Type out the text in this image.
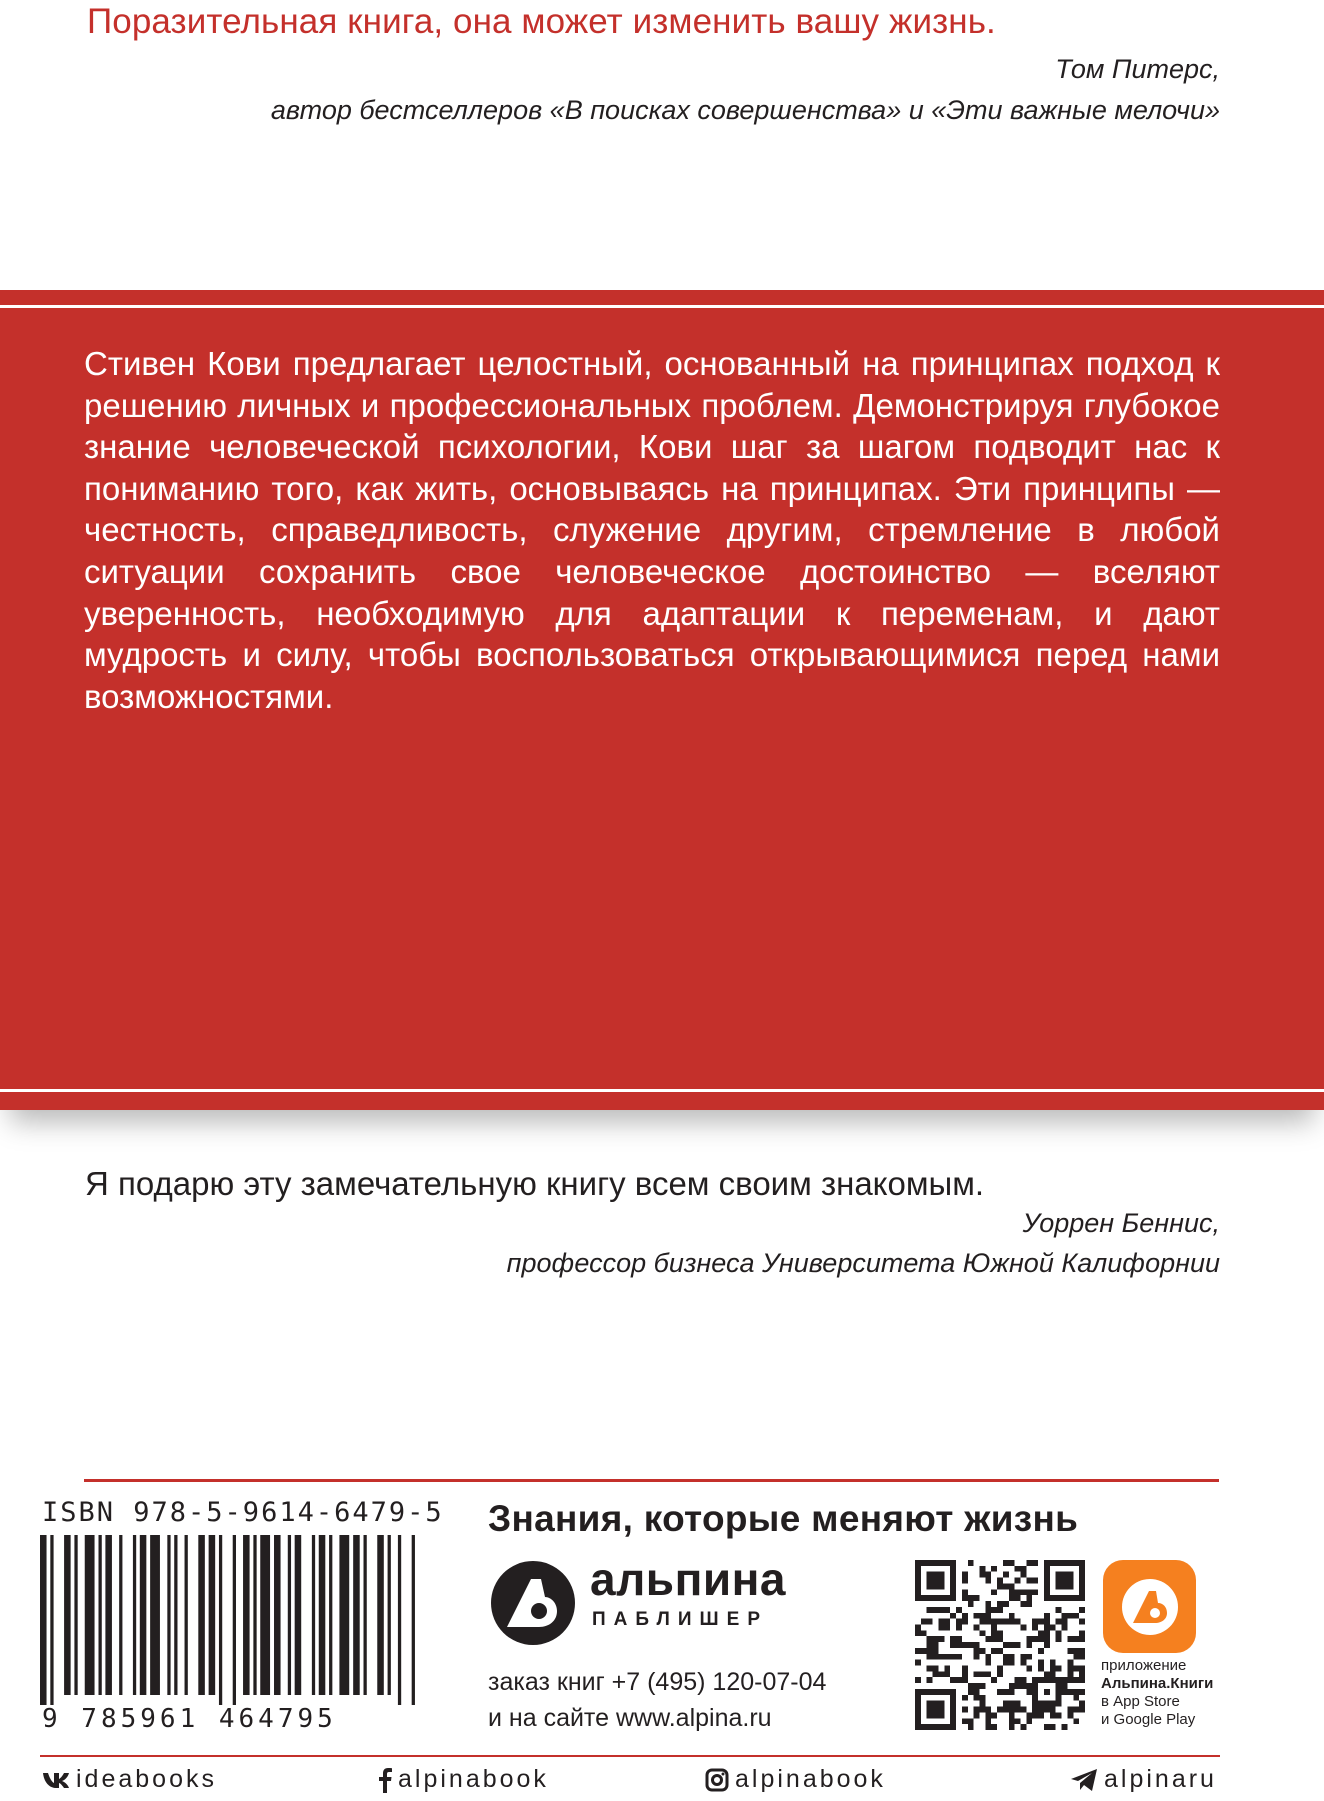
Поразительная книга, она может изменить вашу жизнь.
Том Питерс,
автор бестселлеров «В поисках совершенства» и «Эти важные мелочи»
Стивен Кови предлагает целостный, основанный на принципах подход к решению личных и профессиональных проблем. Демонстрируя глубокое знание человеческой психологии, Кови шаг за шагом подводит нас к пониманию того, как жить, основываясь на принципах. Эти принципы — честность, справедливость, служение другим, стремление в любой ситуации сохранить свое человеческое достоинство — вселяют уверенность, необходимую для адаптации к переменам, и дают мудрость и силу, чтобы воспользоваться открывающимися перед нами возможностями.
Я подарю эту замечательную книгу всем своим знакомым.
Уоррен Беннис,
профессор бизнеса Университета Южной Калифорнии
ISBN 978-5-9614-6479-5
9 785961 464795
Знания, которые меняют жизнь
альпина
ПАБЛИШЕР
заказ книг +7 (495) 120-07-04
и на сайте www.alpina.ru
приложение
Альпина.Книги
в App Store
и Google Play
ideabooks	alpinabook	alpinabook	alpinaru
